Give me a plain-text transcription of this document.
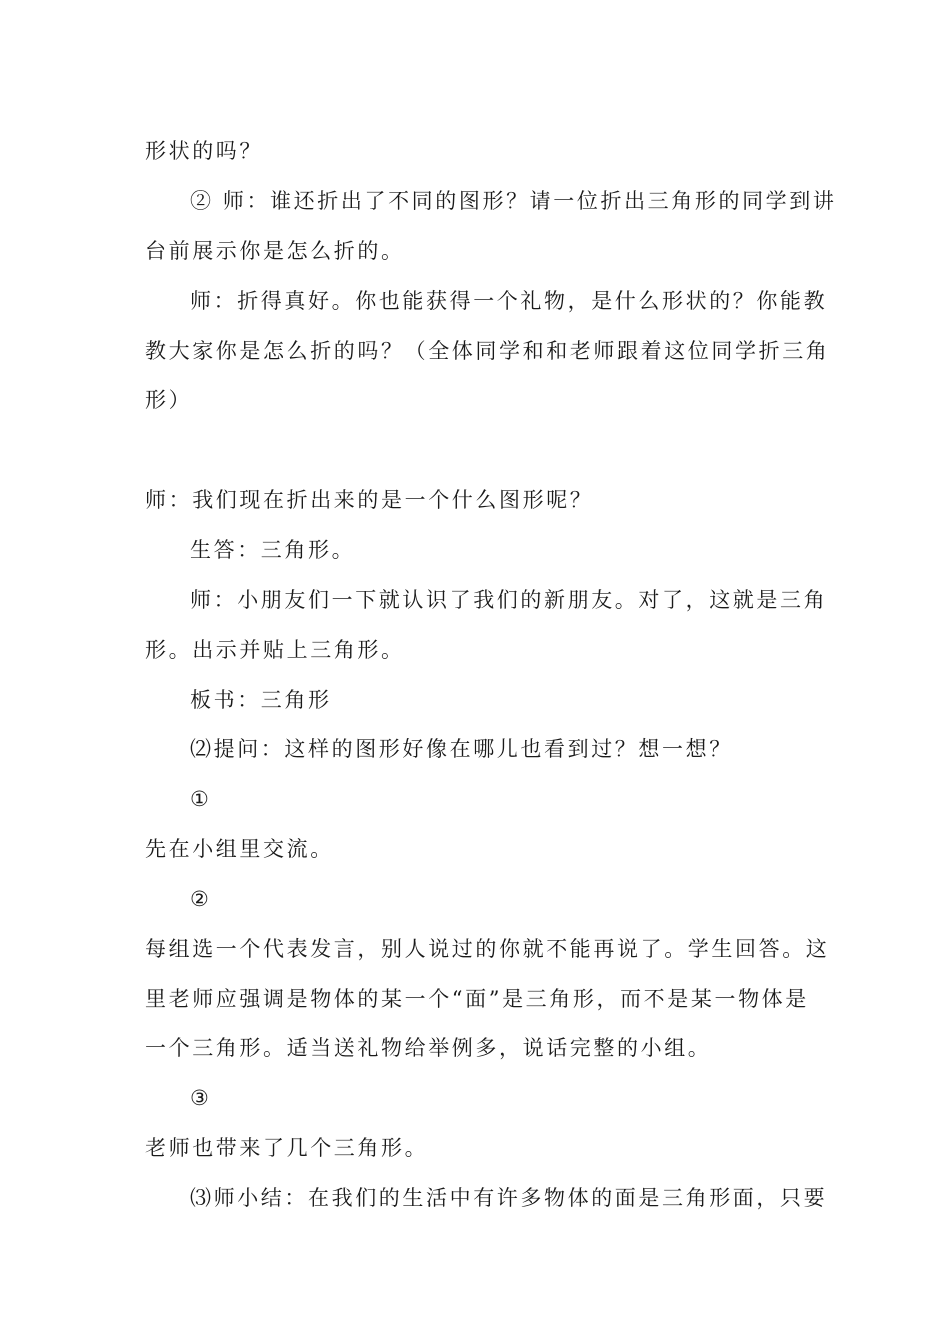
形状的吗？

② 师：谁还折出了不同的图形？请一位折出三角形的同学到讲

台前展示你是怎么折的。

师：折得真好。你也能获得一个礼物，是什么形状的？你能教

教大家你是怎么折的吗？（全体同学和和老师跟着这位同学折三角

形）

师：我们现在折出来的是一个什么图形呢？

生答：三角形。

师：小朋友们一下就认识了我们的新朋友。对了，这就是三角

形。出示并贴上三角形。

板书：三角形

⑵提问：这样的图形好像在哪儿也看到过？想一想？

①

先在小组里交流。

②

每组选一个代表发言，别人说过的你就不能再说了。学生回答。这

里老师应强调是物体的某一个“面”是三角形，而不是某一物体是

一个三角形。适当送礼物给举例多，说话完整的小组。

③

老师也带来了几个三角形。

⑶师小结：在我们的生活中有许多物体的面是三角形面，只要
